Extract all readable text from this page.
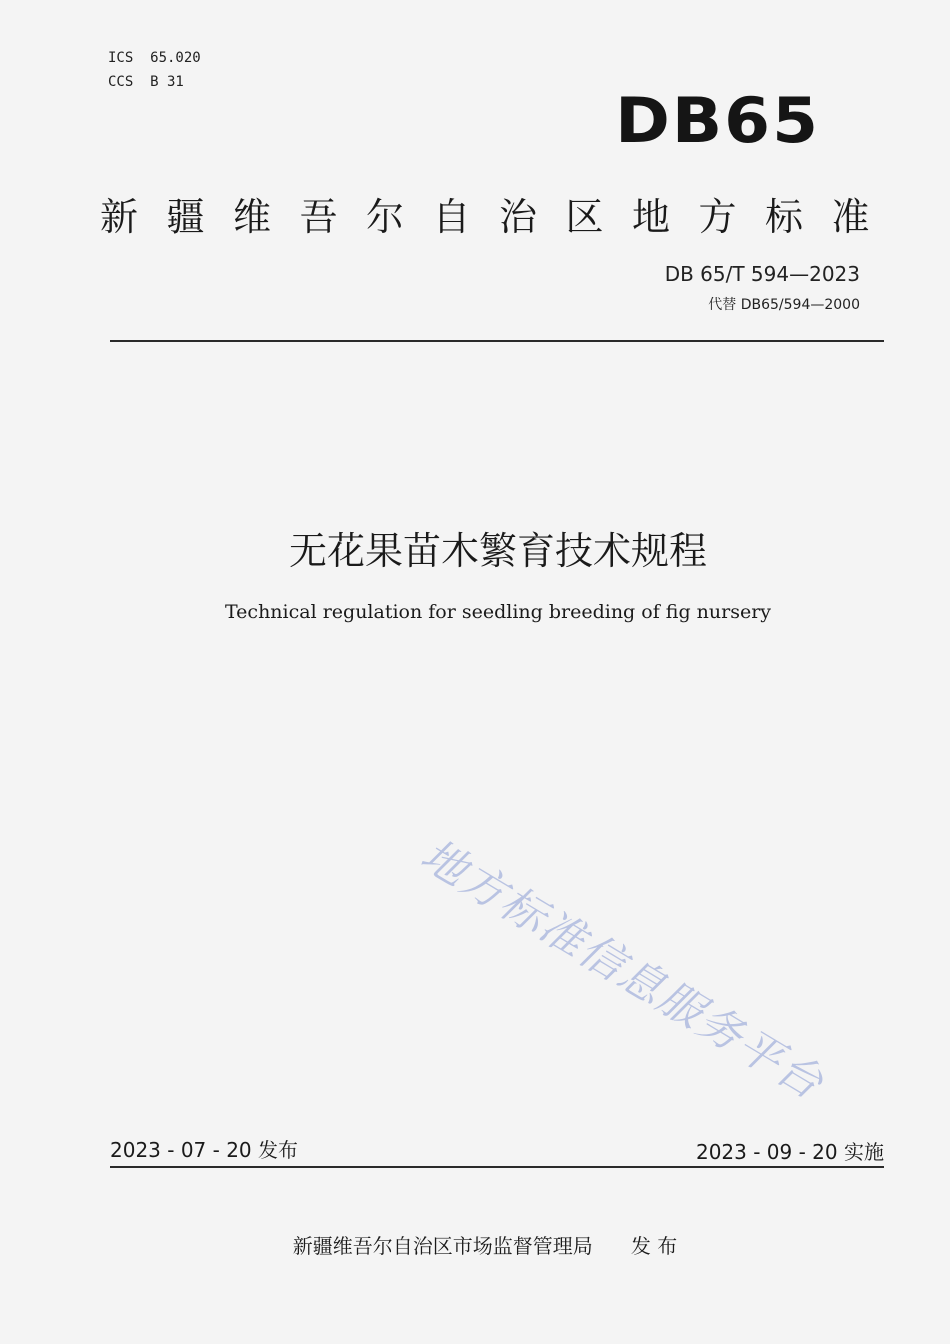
ICS  65.020
CCS  B 31
DB65
新疆维吾尔自治区地方标准
DB 65/T 594—2023
代替 DB65/594—2000
无花果苗木繁育技术规程
Technical regulation for seedling breeding of fig nursery
地方标准信息服务平台
2023 - 07 - 20 发布	2023 - 09 - 20 实施
新疆维吾尔自治区市场监督管理局 发 布
